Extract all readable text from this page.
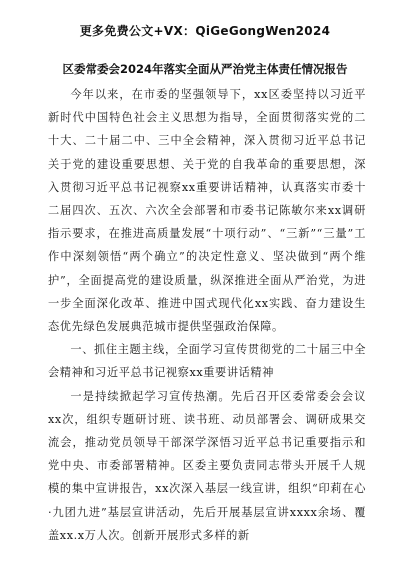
更多免费公文+VX：QiGeGongWen2024
区委常委会2024年落实全面从严治党主体责任情况报告

今年以来，在市委的坚强领导下，xx区委坚持以习近平新时代中国特色社会主义思想为指导，全面贯彻落实党的二十大、二十届二中、三中全会精神，深入贯彻习近平总书记关于党的建设重要思想、关于党的自我革命的重要思想，深入贯彻习近平总书记视察xx重要讲话精神，认真落实市委十二届四次、五次、六次全会部署和市委书记陈敏尔来xx调研指示要求，在推进高质量发展“十项行动”、“三新”“三量”工作中深刻领悟“两个确立”的决定性意义、坚决做到“两个维护”，全面提高党的建设质量，纵深推进全面从严治党，为进一步全面深化改革、推进中国式现代化xx实践、奋力建设生态优先绿色发展典范城市提供坚强政治保障。

一、抓住主题主线，全面学习宣传贯彻党的二十届三中全会精神和习近平总书记视察xx重要讲话精神

一是持续掀起学习宣传热潮。先后召开区委常委会会议xx次，组织专题研讨班、读书班、动员部署会、调研成果交流会，推动党员领导干部深学深悟习近平总书记重要指示和党中央、市委部署精神。区委主要负责同志带头开展千人规模的集中宣讲报告，xx次深入基层一线宣讲，组织“印莉在心·九团九进”基层宣讲活动，先后开展基层宣讲xxxx余场、覆盖xx.x万人次。创新开展形式多样的新
